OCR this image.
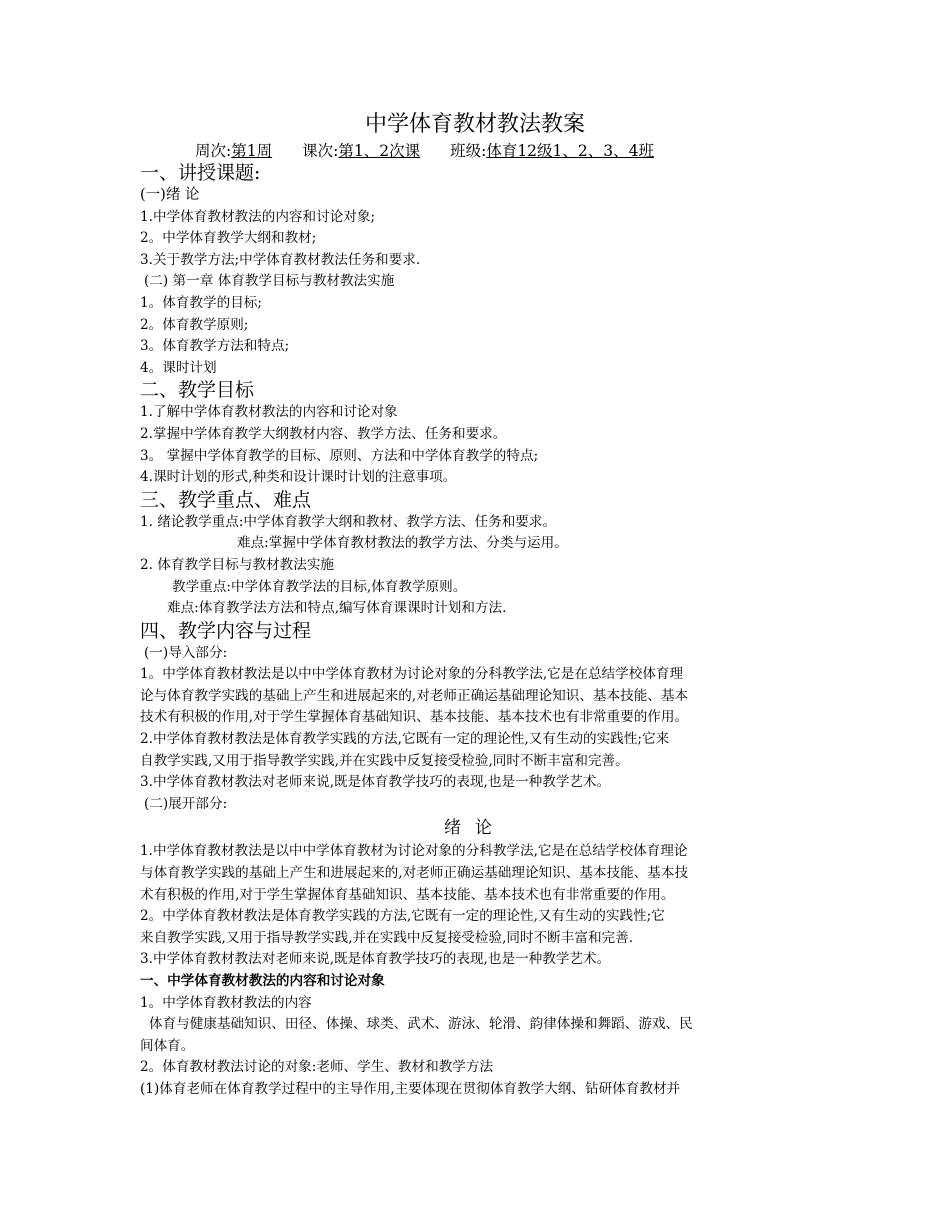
中学体育教材教法教案
周次:第1周 课次:第1、2次课 班级:体育12级1、2、3、4班
一、讲授课题:

(一)绪 论

1.中学体育教材教法的内容和讨论对象;

2。中学体育教学大纲和教材;

3.关于教学方法;中学体育教材教法任务和要求.

(二) 第一章 体育教学目标与教材教法实施

1。体育教学的目标;

2。体育教学原则;

3。体育教学方法和特点;

4。课时计划

二、教学目标

1.了解中学体育教材教法的内容和讨论对象

2.掌握中学体育教学大纲教材内容、教学方法、任务和要求。

3。 掌握中学体育教学的目标、原则、方法和中学体育教学的特点;

4.课时计划的形式,种类和设计课时计划的注意事项。

三、教学重点、难点

1. 绪论教学重点:中学体育教学大纲和教材、教学方法、任务和要求。

难点:掌握中学体育教材教法的教学方法、分类与运用。

2. 体育教学目标与教材教法实施

教学重点:中学体育教学法的目标,体育教学原则。

难点:体育教学法方法和特点,编写体育课课时计划和方法.

四、教学内容与过程

(一)导入部分:

1。中学体育教材教法是以中中学体育教材为讨论对象的分科教学法,它是在总结学校体育理

论与体育教学实践的基础上产生和进展起来的,对老师正确运基础理论知识、基本技能、基本

技术有积极的作用,对于学生掌握体育基础知识、基本技能、基本技术也有非常重要的作用。

2.中学体育教材教法是体育教学实践的方法,它既有一定的理论性,又有生动的实践性;它来

自教学实践,又用于指导教学实践,并在实践中反复接受检验,同时不断丰富和完善。

3.中学体育教材教法对老师来说,既是体育教学技巧的表现,也是一种教学艺术。

(二)展开部分:

绪论

1.中学体育教材教法是以中中学体育教材为讨论对象的分科教学法,它是在总结学校体育理论

与体育教学实践的基础上产生和进展起来的,对老师正确运基础理论知识、基本技能、基本技

术有积极的作用,对于学生掌握体育基础知识、基本技能、基本技术也有非常重要的作用。

2。中学体育教材教法是体育教学实践的方法,它既有一定的理论性,又有生动的实践性;它

来自教学实践,又用于指导教学实践,并在实践中反复接受检验,同时不断丰富和完善.

3.中学体育教材教法对老师来说,既是体育教学技巧的表现,也是一种教学艺术。

一、中学体育教材教法的内容和讨论对象

1。中学体育教材教法的内容

体育与健康基础知识、田径、体操、球类、武术、游泳、轮滑、韵律体操和舞蹈、游戏、民

间体育。

2。体育教材教法讨论的对象:老师、学生、教材和教学方法

(1)体育老师在体育教学过程中的主导作用,主要体现在贯彻体育教学大纲、钻研体育教材并
